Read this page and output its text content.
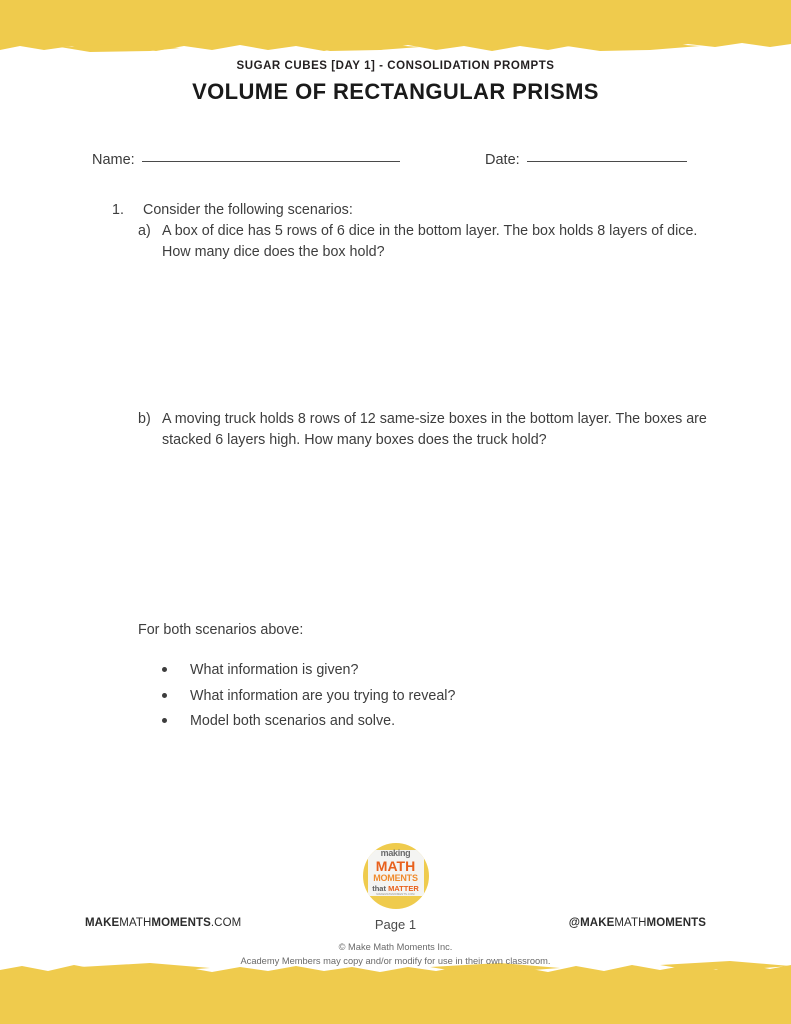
SUGAR CUBES [DAY 1] - CONSOLIDATION PROMPTS

VOLUME OF RECTANGULAR PRISMS
Name:	Date:
1.	Consider the following scenarios:
a) A box of dice has 5 rows of 6 dice in the bottom layer. The box holds 8 layers of dice. How many dice does the box hold?
b) A moving truck holds 8 rows of 12 same-size boxes in the bottom layer. The boxes are stacked 6 layers high. How many boxes does the truck hold?
For both scenarios above:
What information is given?
What information are you trying to reveal?
Model both scenarios and solve.
making
MATH
MOMENTS
that MATTER
MAKEMATHMOMENTS.COM
MAKEMATHMOMENTS.COM	Page 1	@MAKEMATHMOMENTS
© Make Math Moments Inc.
Academy Members may copy and/or modify for use in their own classroom.
